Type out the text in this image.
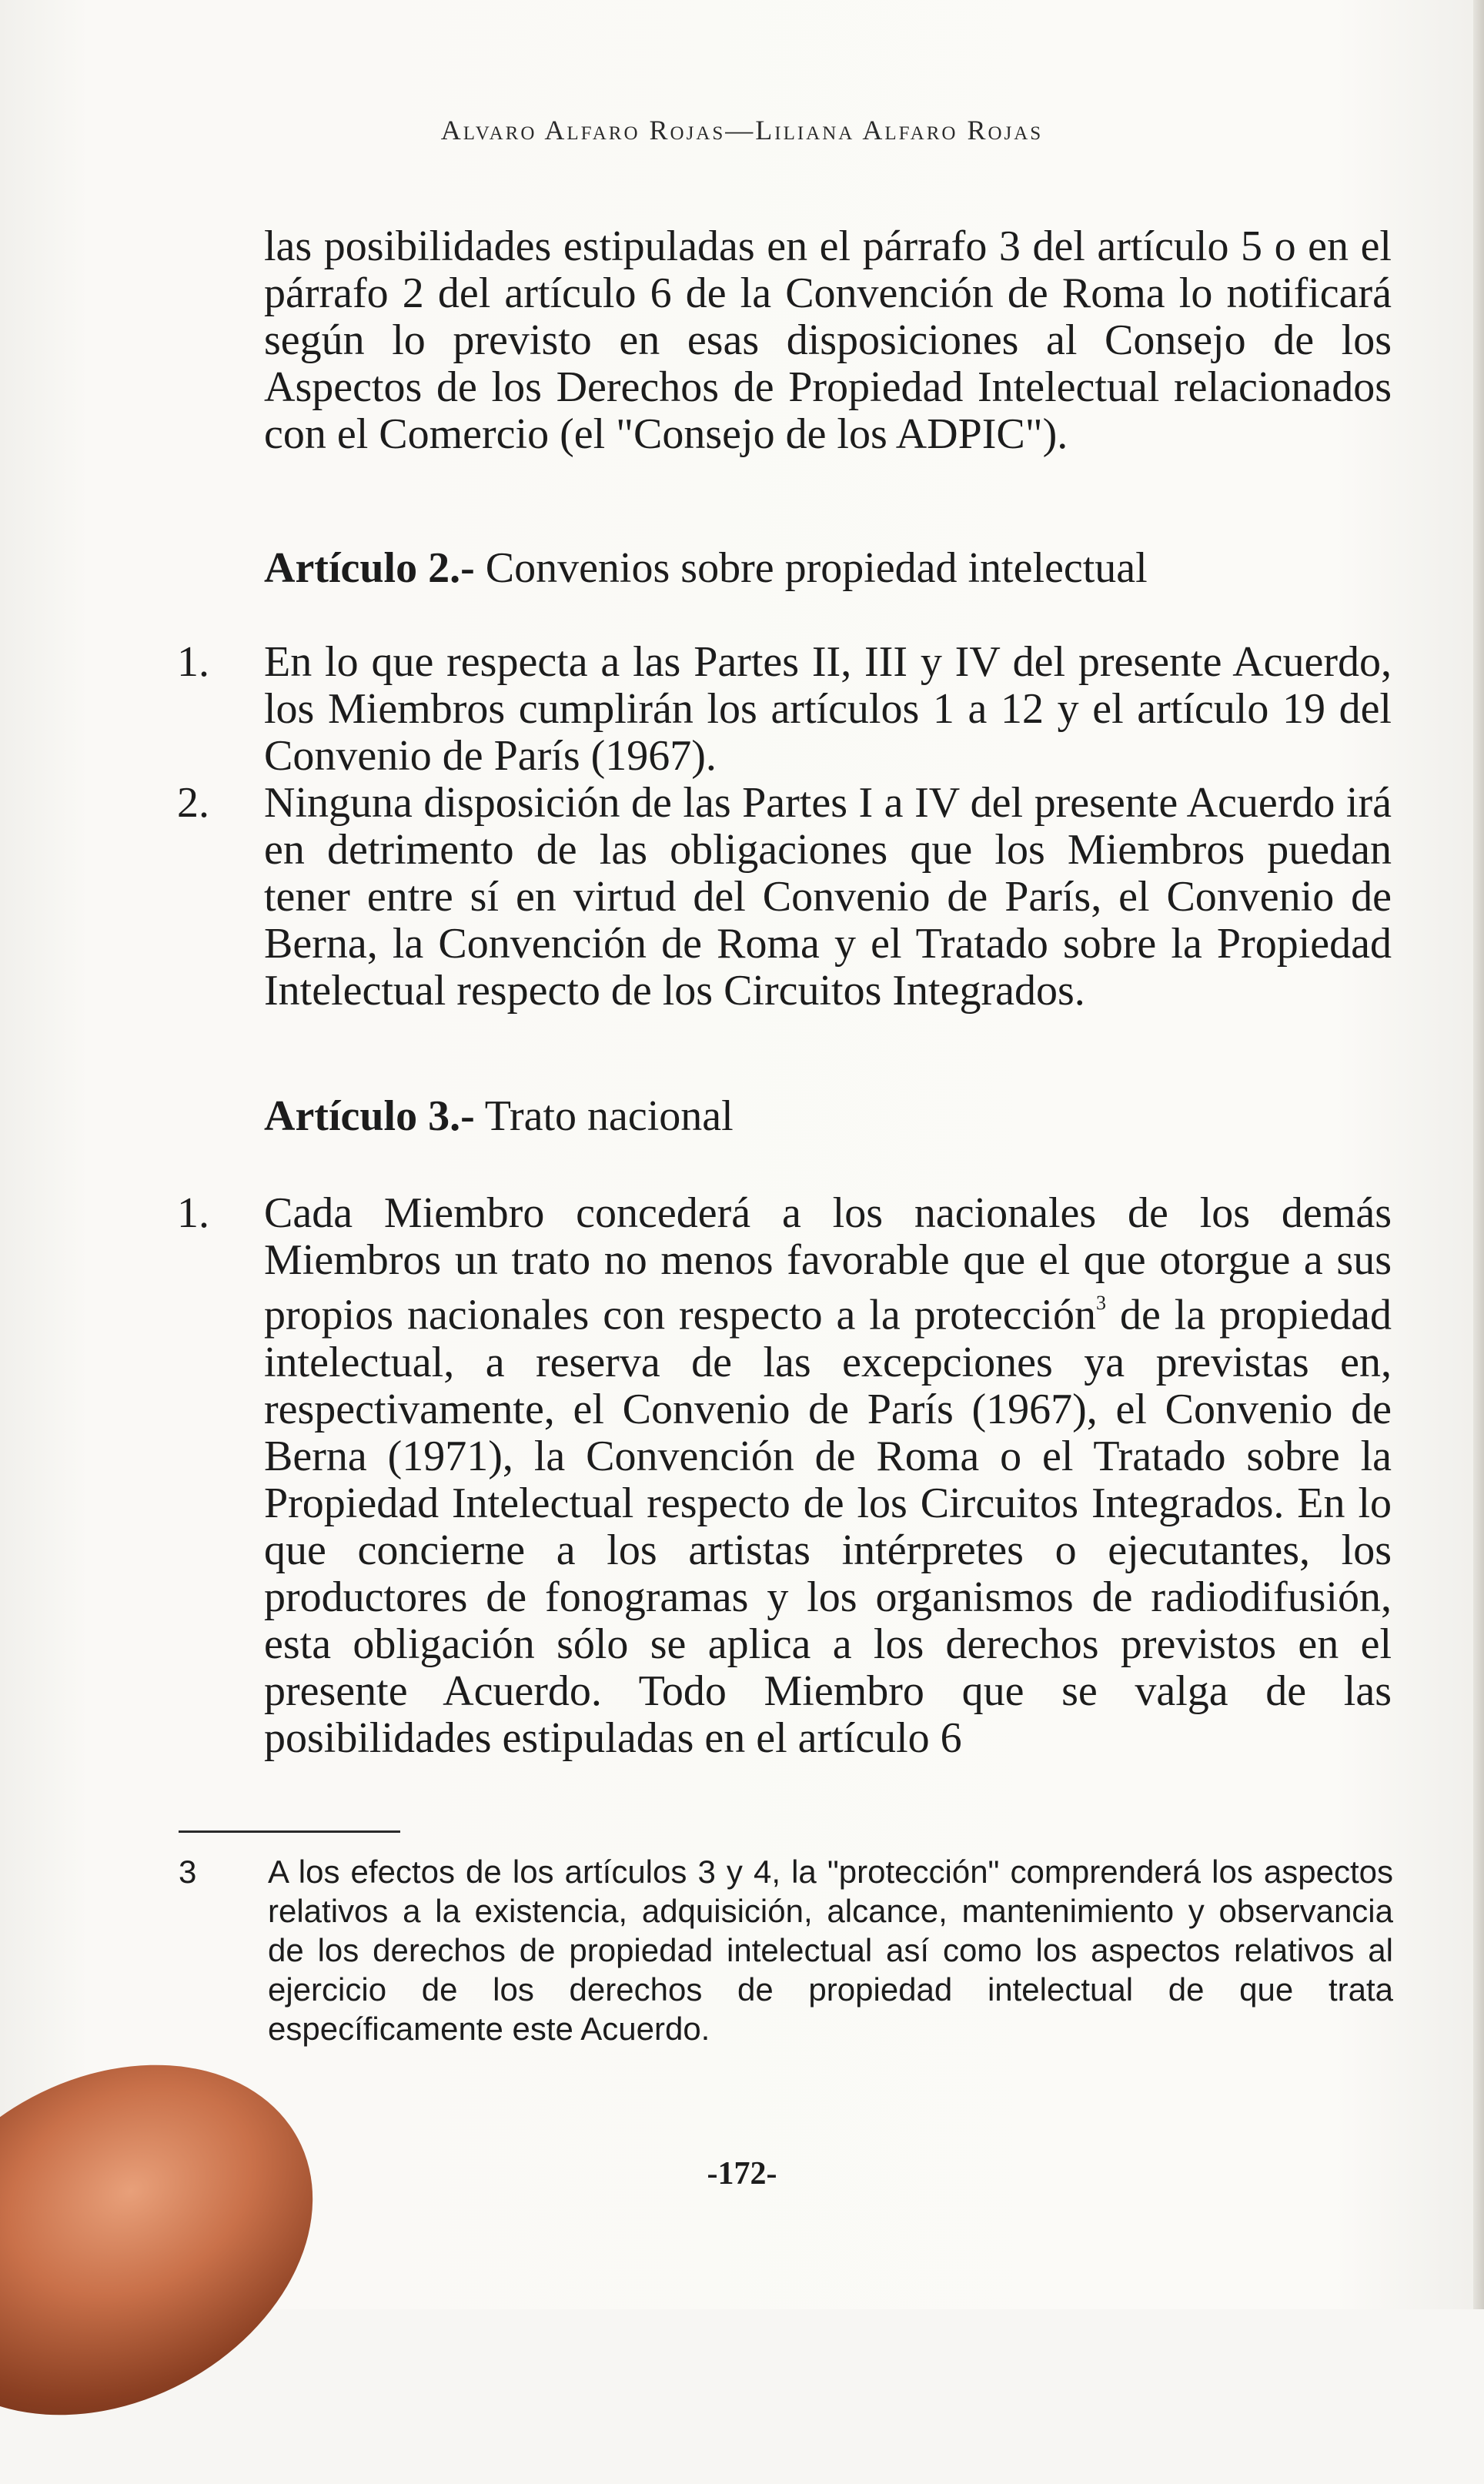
Alvaro Alfaro Rojas—Liliana Alfaro Rojas
las posibilidades estipuladas en el párrafo 3 del artículo 5 o en el párrafo 2 del artículo 6 de la Convención de Roma lo notificará según lo previsto en esas disposiciones al Consejo de los Aspectos de los Derechos de Propiedad Intelectual relacionados con el Comercio (el "Consejo de los ADPIC").
Artículo 2.- Convenios sobre propiedad intelectual
1.	En lo que respecta a las Partes II, III y IV del presente Acuerdo, los Miembros cumplirán los artículos 1 a 12 y el artículo 19 del Convenio de París (1967).
2.	Ninguna disposición de las Partes I a IV del presente Acuerdo irá en detrimento de las obligaciones que los Miembros puedan tener entre sí en virtud del Convenio de París, el Convenio de Berna, la Convención de Roma y el Tratado sobre la Propiedad Intelectual respecto de los Circuitos Integrados.
Artículo 3.- Trato nacional
1.	Cada Miembro concederá a los nacionales de los demás Miembros un trato no menos favorable que el que otorgue a sus propios nacionales con respecto a la protección$^3$ de la propiedad intelectual, a reserva de las excepciones ya previstas en, respectivamente, el Convenio de París (1967), el Convenio de Berna (1971), la Convención de Roma o el Tratado sobre la Propiedad Intelectual respecto de los Circuitos Integrados. En lo que concierne a los artistas intérpretes o ejecutantes, los productores de fonogramas y los organismos de radiodifusión, esta obligación sólo se aplica a los derechos previstos en el presente Acuerdo. Todo Miembro que se valga de las posibilidades estipuladas en el artículo 6
3 A los efectos de los artículos 3 y 4, la "protección" comprenderá los aspectos relativos a la existencia, adquisición, alcance, mantenimiento y observancia de los derechos de propiedad intelectual así como los aspectos relativos al ejercicio de los derechos de propiedad intelectual de que trata específicamente este Acuerdo.
-172-
